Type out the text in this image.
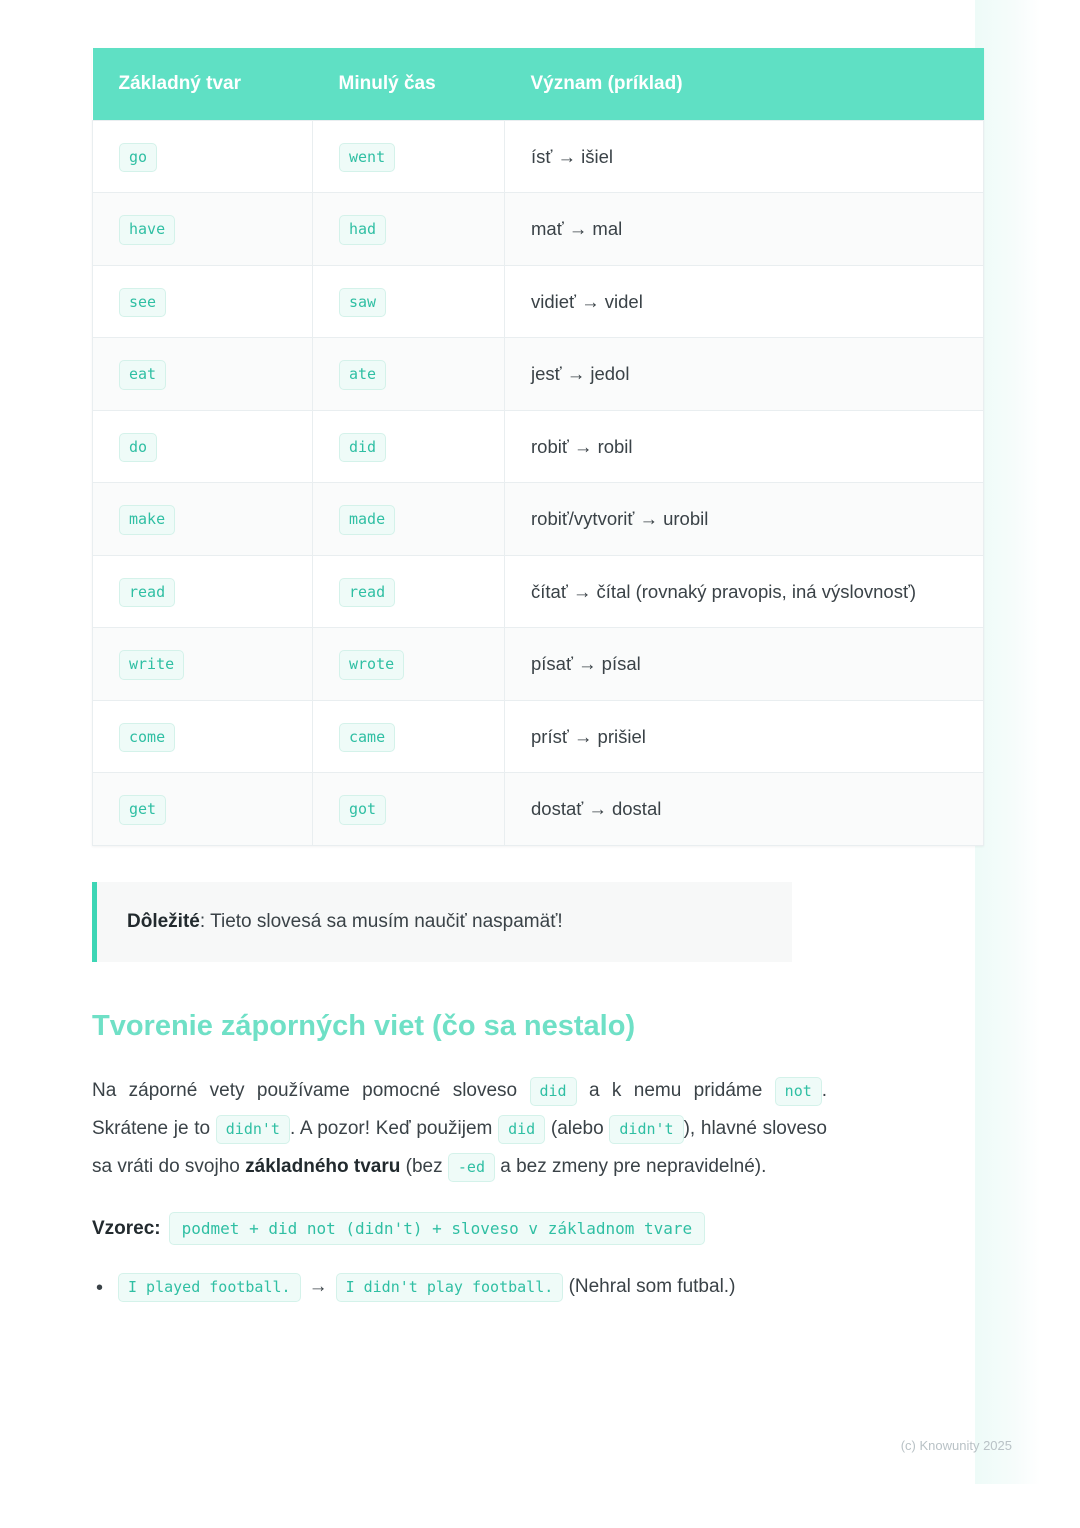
Základný tvar	Minulý čas	Význam (príklad)
go	went	ísť → išiel
have	had	mať → mal
see	saw	vidieť → videl
eat	ate	jesť → jedol
do	did	robiť → robil
make	made	robiť/vytvoriť → urobil
read	read	čítať → čítal (rovnaký pravopis, iná výslovnosť)
write	wrote	písať → písal
come	came	prísť → prišiel
get	got	dostať → dostal
Dôležité: Tieto slovesá sa musím naučiť naspamäť!
Tvorenie záporných viet (čo sa nestalo)

Na záporné vety používame pomocné sloveso did a k nemu pridáme not . Skrátene je to didn't . A pozor! Keď použijem did (alebo didn't ), hlavné sloveso sa vráti do svojho základného tvaru (bez -ed a bez zmeny pre nepravidelné).

Vzorec: podmet + did not (didn't) + sloveso v základnom tvare
• I played football. → I didn't play football. (Nehral som futbal.)
(c) Knowunity 2025
